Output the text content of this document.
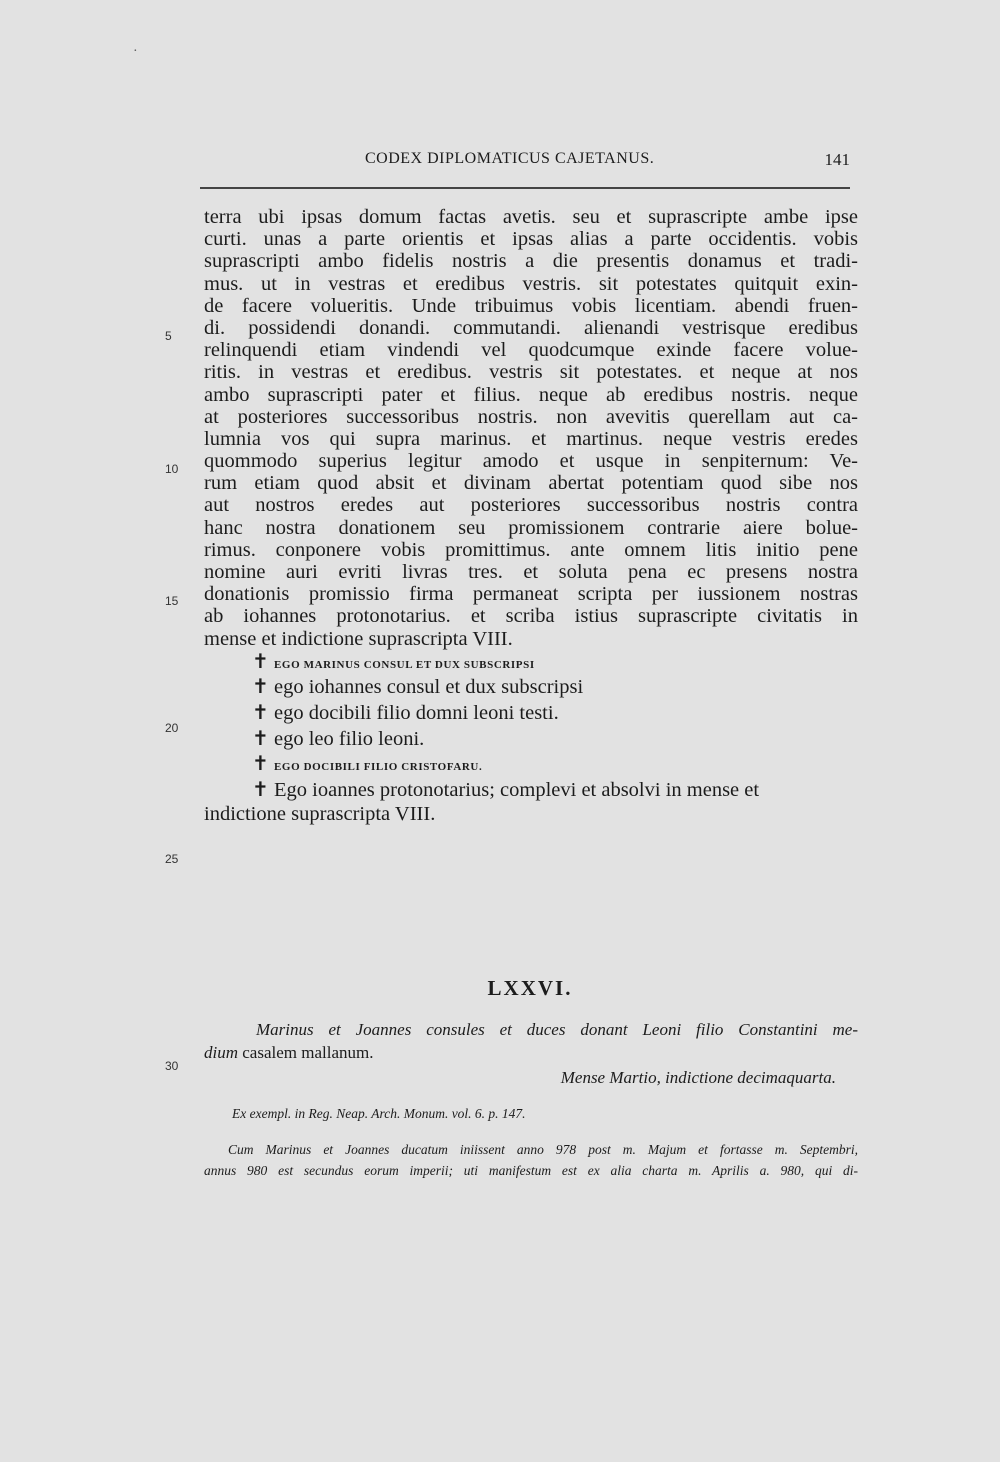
·
CODEX DIPLOMATICUS CAJETANUS.	141
terra ubi ipsas domum factas avetis. seu et suprascripte ambe ipse
curti. unas a parte orientis et ipsas alias a parte occidentis. vobis
suprascripti ambo fidelis nostris a die presentis donamus et tradi-
mus. ut in vestras et eredibus vestris. sit potestates quitquit exin-
de facere volueritis. Unde tribuimus vobis licentiam. abendi fruen-
di. possidendi donandi. commutandi. alienandi vestrisque eredibus
relinquendi etiam vindendi vel quodcumque exinde facere volue-
ritis. in vestras et eredibus. vestris sit potestates. et neque at nos
ambo suprascripti pater et filius. neque ab eredibus nostris. neque
at posteriores successoribus nostris. non avevitis querellam aut ca-
lumnia vos qui supra marinus. et martinus. neque vestris eredes
quommodo superius legitur amodo et usque in senpiternum: Ve-
rum etiam quod absit et divinam abertat potentiam quod sibe nos
aut nostros eredes aut posteriores successoribus nostris contra
hanc nostra donationem seu promissionem contrarie aiere bolue-
rimus. conponere vobis promittimus. ante omnem litis initio pene
nomine auri evriti livras tres. et soluta pena ec presens nostra
donationis promissio firma permaneat scripta per iussionem nostras
ab iohannes protonotarius. et scriba istius suprascripte civitatis in
mense et indictione suprascripta VIII.
✝ EGO MARINUS CONSUL ET DUX SUBSCRIPSI
✝ ego iohannes consul et dux subscripsi
✝ ego docibili filio domni leoni testi.
✝ ego leo filio leoni.
✝ EGO DOCIBILI FILIO CRISTOFARU.
✝ Ego ioannes protonotarius; complevi et absolvi in mense et
indictione suprascripta VIII.
5
10
15
20
25
30
LXXVI.
Marinus et Joannes consules et duces donant Leoni filio Constantini me-
dium casalem mallanum.
Mense Martio, indictione decimaquarta.
Ex exempl. in Reg. Neap. Arch. Monum. vol. 6. p. 147.
Cum Marinus et Joannes ducatum iniissent anno 978 post m. Majum et fortasse m. Septembri,
annus 980 est secundus eorum imperii; uti manifestum est ex alia charta m. Aprilis a. 980, qui di-
